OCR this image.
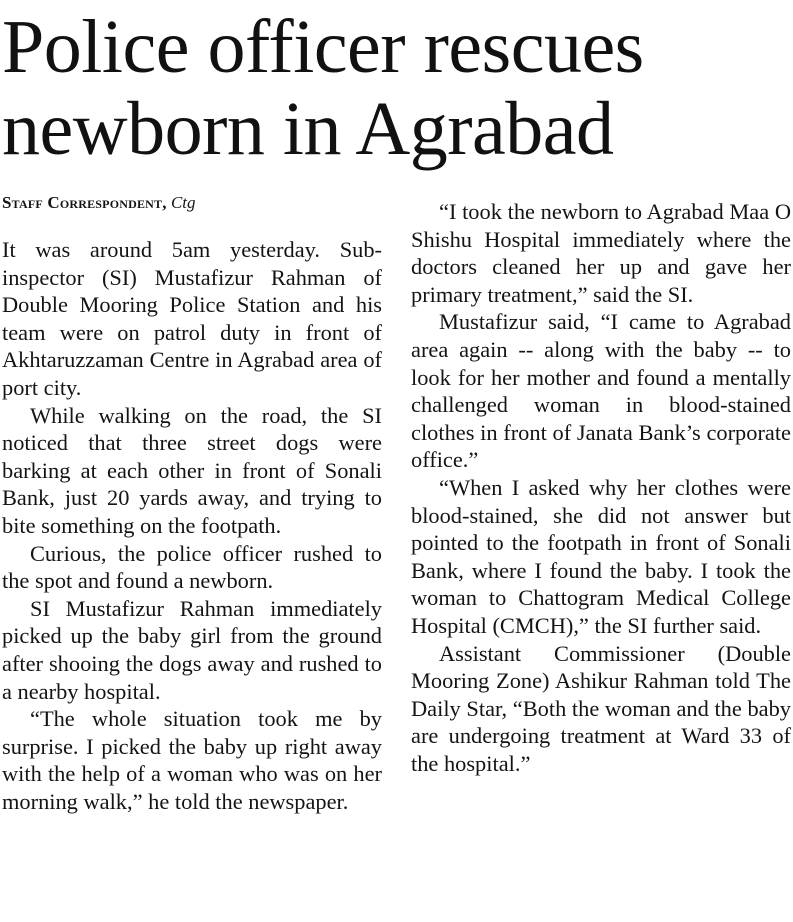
Police officer rescues
newborn in Agrabad
Staff Correspondent, Ctg

It was around 5am yesterday. Sub-inspector (SI) Mustafizur Rahman of Double Mooring Police Station and his team were on patrol duty in front of Akhtaruzzaman Centre in Agrabad area of port city.

While walking on the road, the SI noticed that three street dogs were barking at each other in front of Sonali Bank, just 20 yards away, and trying to bite something on the footpath.

Curious, the police officer rushed to the spot and found a newborn.

SI Mustafizur Rahman immediately picked up the baby girl from the ground after shooing the dogs away and rushed to a nearby hospital.

“The whole situation took me by surprise. I picked the baby up right away with the help of a woman who was on her morning walk,” he told the newspaper.

“I took the newborn to Agrabad Maa O Shishu Hospital immediately where the doctors cleaned her up and gave her primary treatment,” said the SI.

Mustafizur said, “I came to Agrabad area again -- along with the baby -- to look for her mother and found a mentally challenged woman in blood-stained clothes in front of Janata Bank’s corporate office.”

“When I asked why her clothes were blood-stained, she did not answer but pointed to the footpath in front of Sonali Bank, where I found the baby. I took the woman to Chattogram Medical College Hospital (CMCH),” the SI further said.

Assistant Commissioner (Double Mooring Zone) Ashikur Rahman told The Daily Star, “Both the woman and the baby are undergoing treatment at Ward 33 of the hospital.”
